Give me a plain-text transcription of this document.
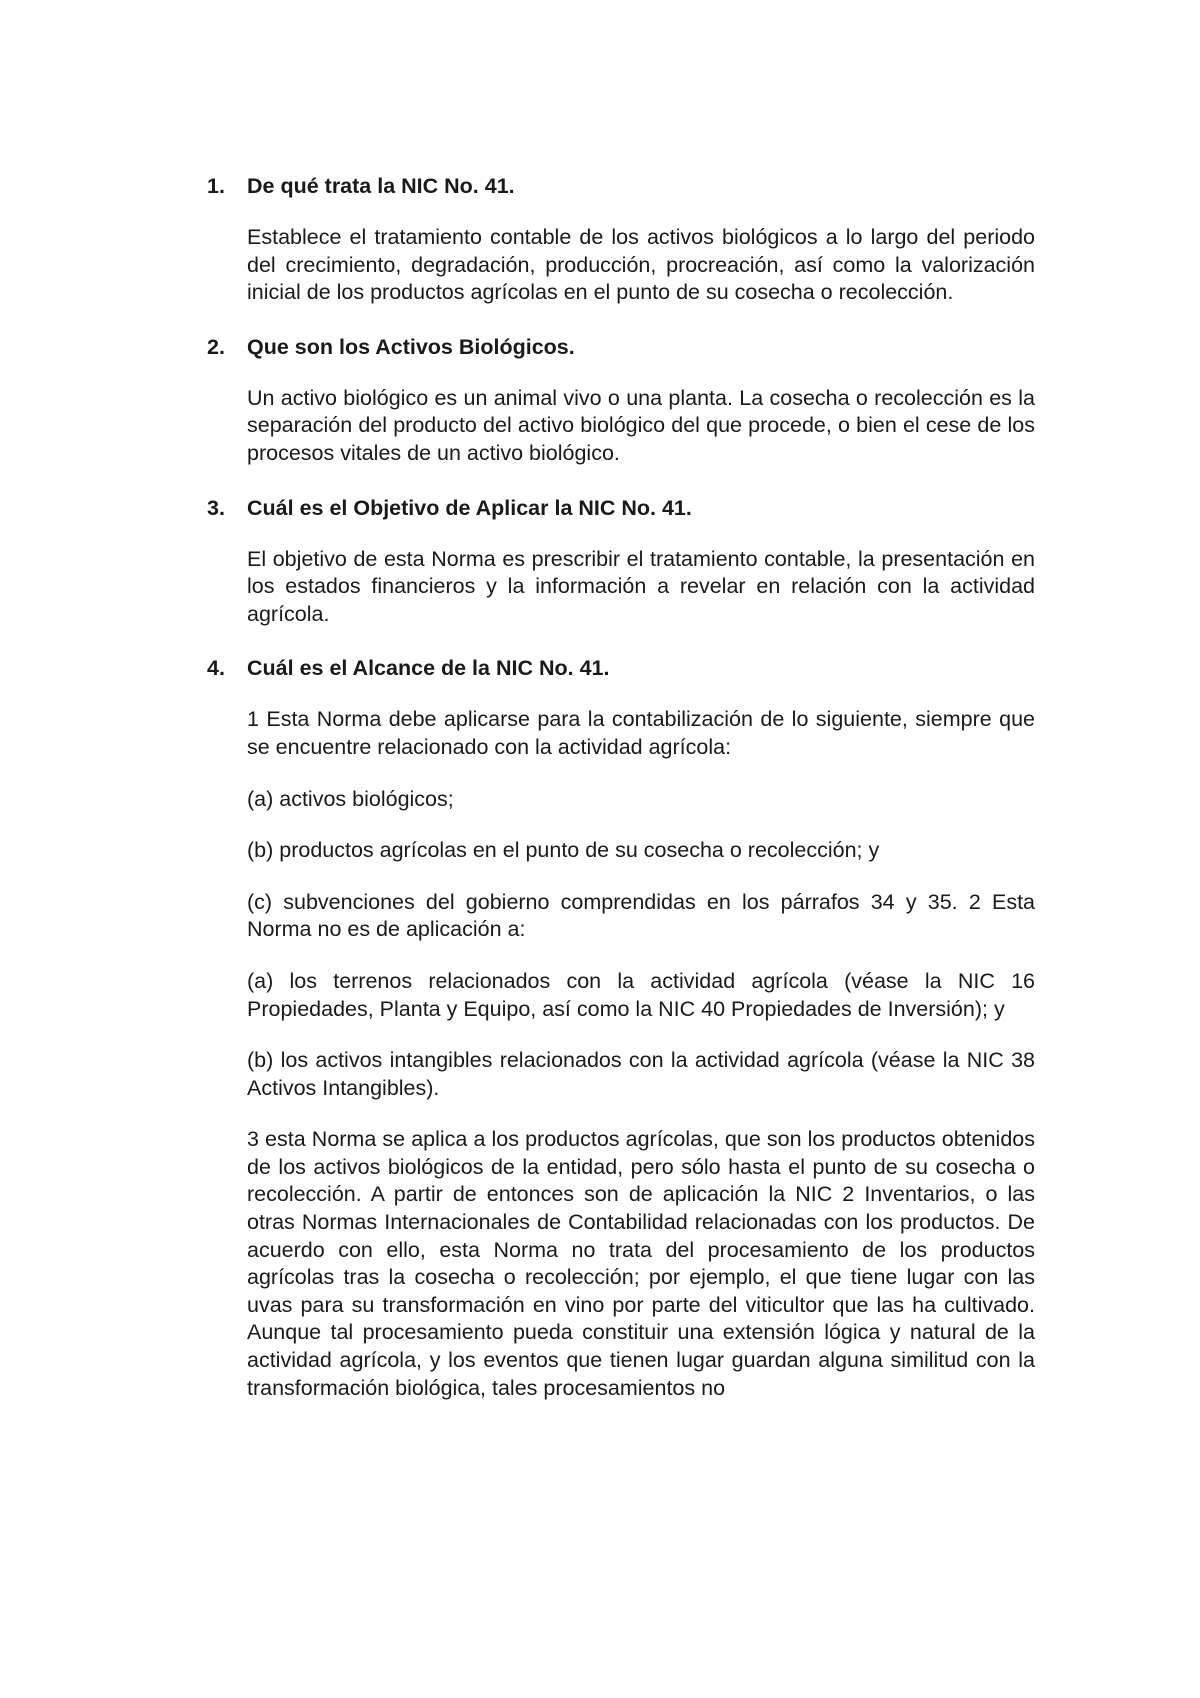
1. De qué trata la NIC No. 41.

Establece el tratamiento contable de los activos biológicos a lo largo del periodo del crecimiento, degradación, producción, procreación, así como la valorización inicial de los productos agrícolas en el punto de su cosecha o recolección.

2. Que son los Activos Biológicos.

Un activo biológico es un animal vivo o una planta. La cosecha o recolección es la separación del producto del activo biológico del que procede, o bien el cese de los procesos vitales de un activo biológico.

3. Cuál es el Objetivo de Aplicar la NIC No. 41.

El objetivo de esta Norma es prescribir el tratamiento contable, la presentación en los estados financieros y la información a revelar en relación con la actividad agrícola.

4. Cuál es el Alcance de la NIC No. 41.

1 Esta Norma debe aplicarse para la contabilización de lo siguiente, siempre que se encuentre relacionado con la actividad agrícola:

(a) activos biológicos;

(b) productos agrícolas en el punto de su cosecha o recolección; y

(c) subvenciones del gobierno comprendidas en los párrafos 34 y 35. 2 Esta Norma no es de aplicación a:

(a) los terrenos relacionados con la actividad agrícola (véase la NIC 16 Propiedades, Planta y Equipo, así como la NIC 40 Propiedades de Inversión); y

(b) los activos intangibles relacionados con la actividad agrícola (véase la NIC 38 Activos Intangibles).

3 esta Norma se aplica a los productos agrícolas, que son los productos obtenidos de los activos biológicos de la entidad, pero sólo hasta el punto de su cosecha o recolección. A partir de entonces son de aplicación la NIC 2 Inventarios, o las otras Normas Internacionales de Contabilidad relacionadas con los productos. De acuerdo con ello, esta Norma no trata del procesamiento de los productos agrícolas tras la cosecha o recolección; por ejemplo, el que tiene lugar con las uvas para su transformación en vino por parte del viticultor que las ha cultivado. Aunque tal procesamiento pueda constituir una extensión lógica y natural de la actividad agrícola, y los eventos que tienen lugar guardan alguna similitud con la transformación biológica, tales procesamientos no
